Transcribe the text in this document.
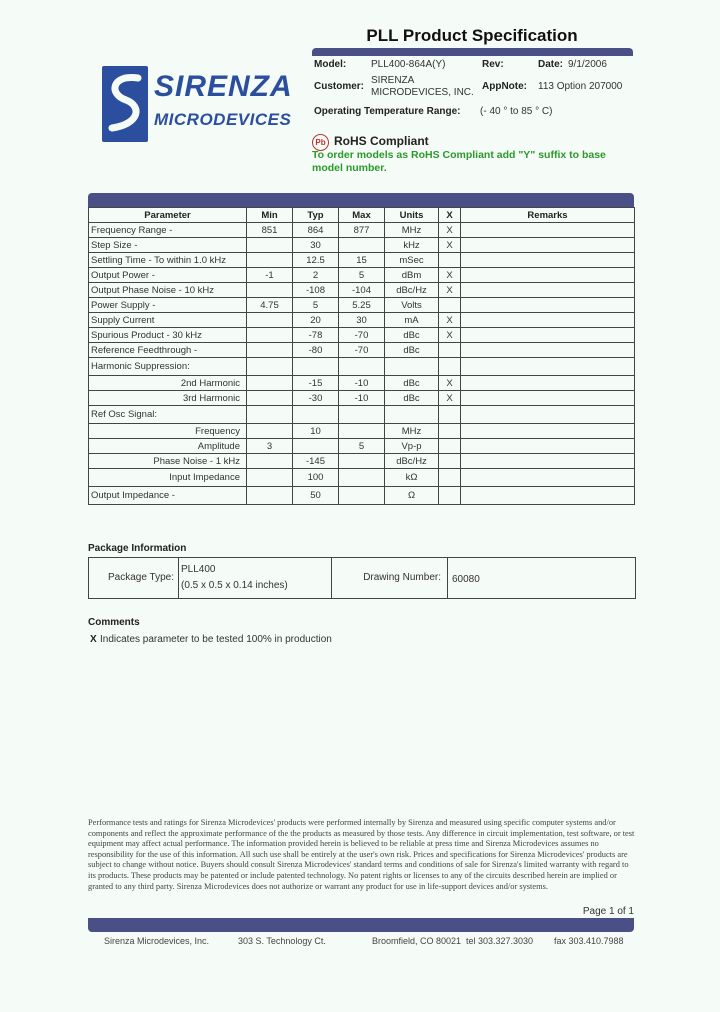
PLL Product Specification
Model: PLL400-864A(Y)	Rev:	Date: 9/1/2006
Customer:
SIRENZA
MICRODEVICES, INC.
AppNote: 113 Option 207000
Operating Temperature Range: (- 40 ° to 85 ° C)
SIRENZA
MICRODEVICES
Pb RoHS Compliant
To order models as RoHS Compliant add "Y" suffix to base model number.
Parameter	Min	Typ	Max	Units	X	Remarks
Frequency Range -	851	864	877	MHz	X	
Step Size -		30		kHz	X	
Settling Time - To within 1.0 kHz		12.5	15	mSec		
Output Power -	-1	2	5	dBm	X	
Output Phase Noise - 10 kHz		-108	-104	dBc/Hz	X	
Power Supply -	4.75	5	5.25	Volts		
Supply Current		20	30	mA	X	
Spurious Product - 30 kHz		-78	-70	dBc	X	
Reference Feedthrough -		-80	-70	dBc		
Harmonic Suppression:						
2nd Harmonic		-15	-10	dBc	X	
3rd Harmonic		-30	-10	dBc	X	
Ref Osc Signal:						
Frequency		10		MHz		
Amplitude	3		5	Vp-p		
Phase Noise - 1 kHz		-145		dBc/Hz		
Input Impedance		100		kΩ		
Output Impedance -		50		Ω		
Package Information
Package Type:
PLL400
(0.5 x 0.5 x 0.14 inches)
Drawing Number: 60080
Comments
X Indicates parameter to be tested 100% in production
Performance tests and ratings for Sirenza Microdevices' products were performed internally by Sirenza and measured using specific computer systems and/or components and reflect the approximate performance of the the products as measured by those tests. Any difference in circuit implementation, test software, or test equipment may affect actual performance. The information provided herein is believed to be reliable at press time and Sirenza Microdevices assumes no responsibility for the use of this information. All such use shall be entirely at the user's own risk. Prices and specifications for Sirenza Microdevices' products are subject to change without notice. Buyers should consult Sirenza Microdevices' standard terms and conditions of sale for Sirenza's limited warranty with regard to its products. These products may be patented or include patented technology. No patent rights or licenses to any of the circuits described herein are implied or granted to any third party. Sirenza Microdevices does not authorize or warrant any product for use in life-support devices and/or systems.
Page 1 of 1
Sirenza Microdevices, Inc.	303 S. Technology Ct.	Broomfield, CO 80021 tel 303.327.3030 fax 303.410.7988
